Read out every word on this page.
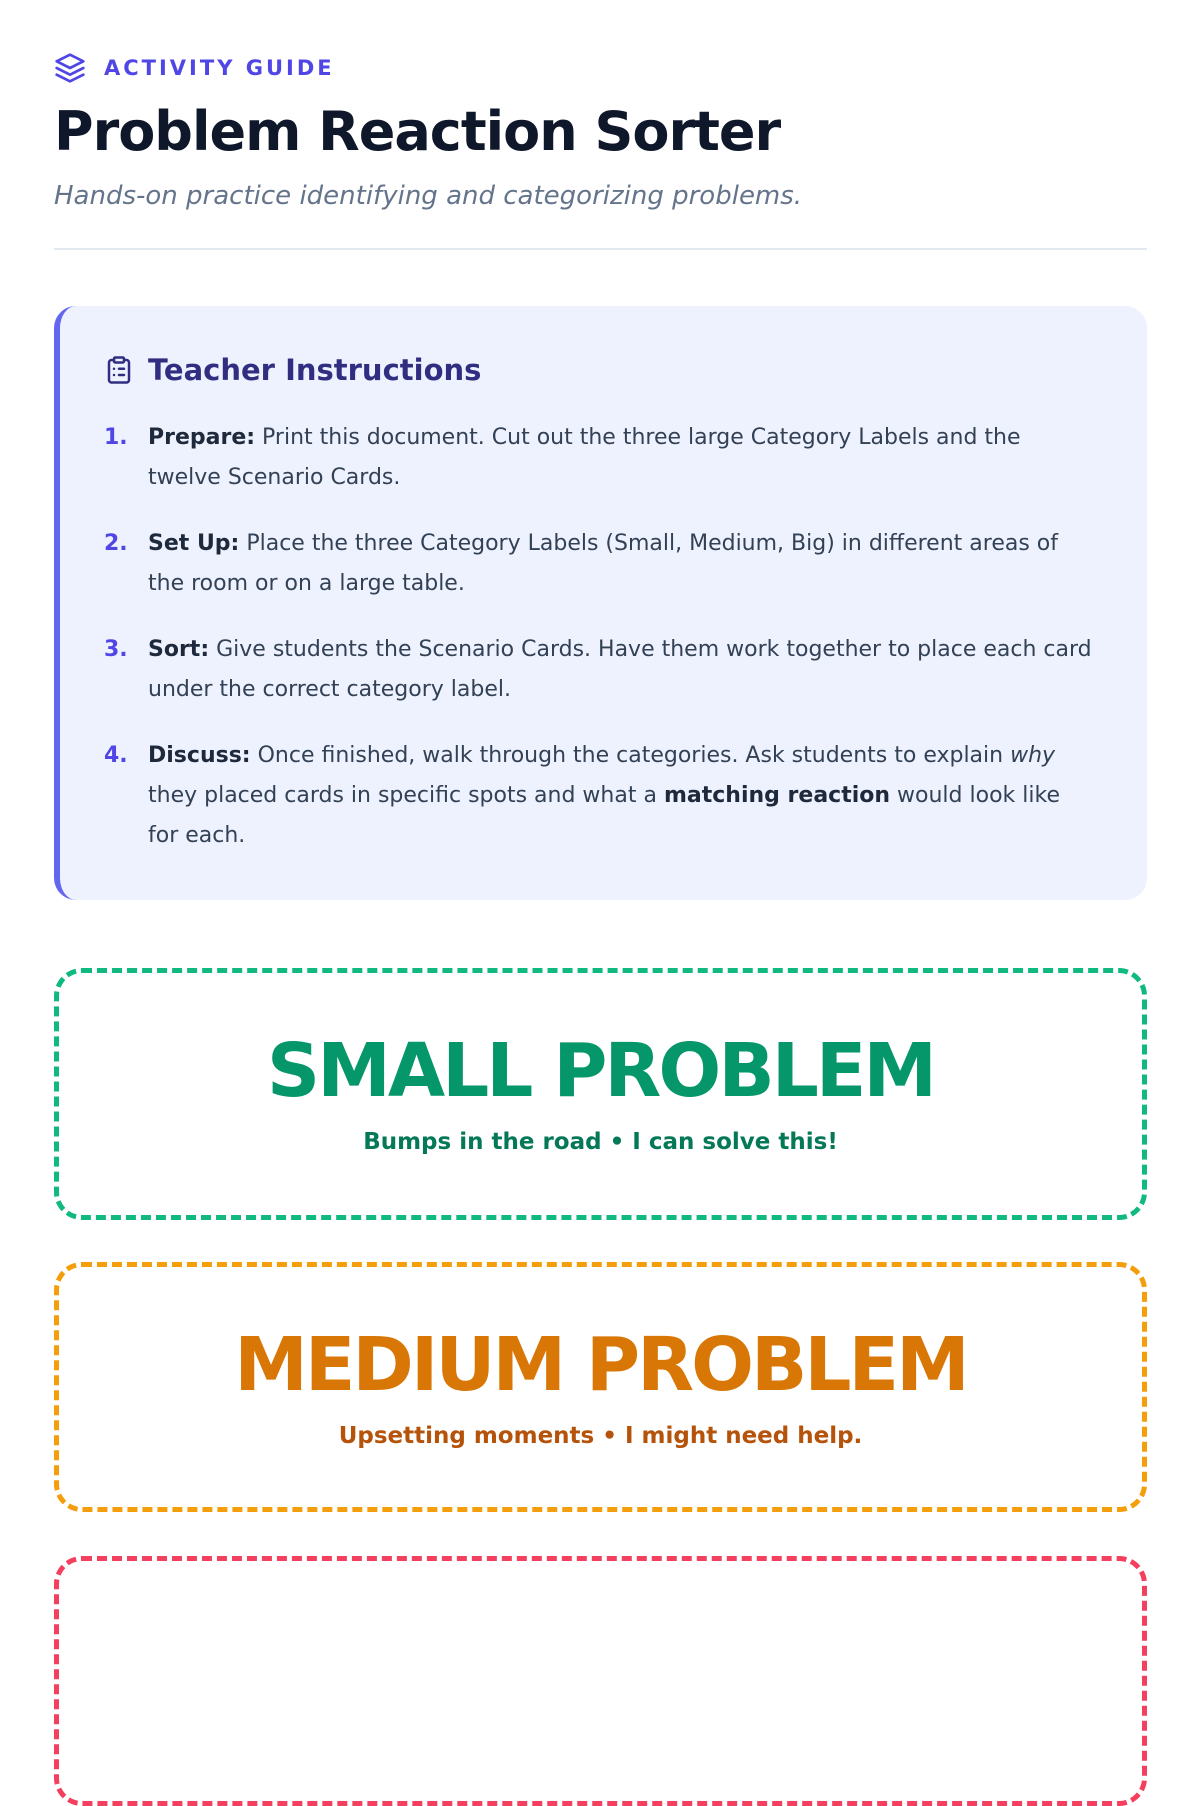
ACTIVITY GUIDE
Problem Reaction Sorter
Hands-on practice identifying and categorizing problems.
Teacher Instructions
1. Prepare: Print this document. Cut out the three large Category Labels and the twelve Scenario Cards.
2. Set Up: Place the three Category Labels (Small, Medium, Big) in different areas of the room or on a large table.
3. Sort: Give students the Scenario Cards. Have them work together to place each card under the correct category label.
4. Discuss: Once finished, walk through the categories. Ask students to explain why they placed cards in specific spots and what a matching reaction would look like for each.
SMALL PROBLEM
Bumps in the road • I can solve this!
MEDIUM PROBLEM
Upsetting moments • I might need help.
